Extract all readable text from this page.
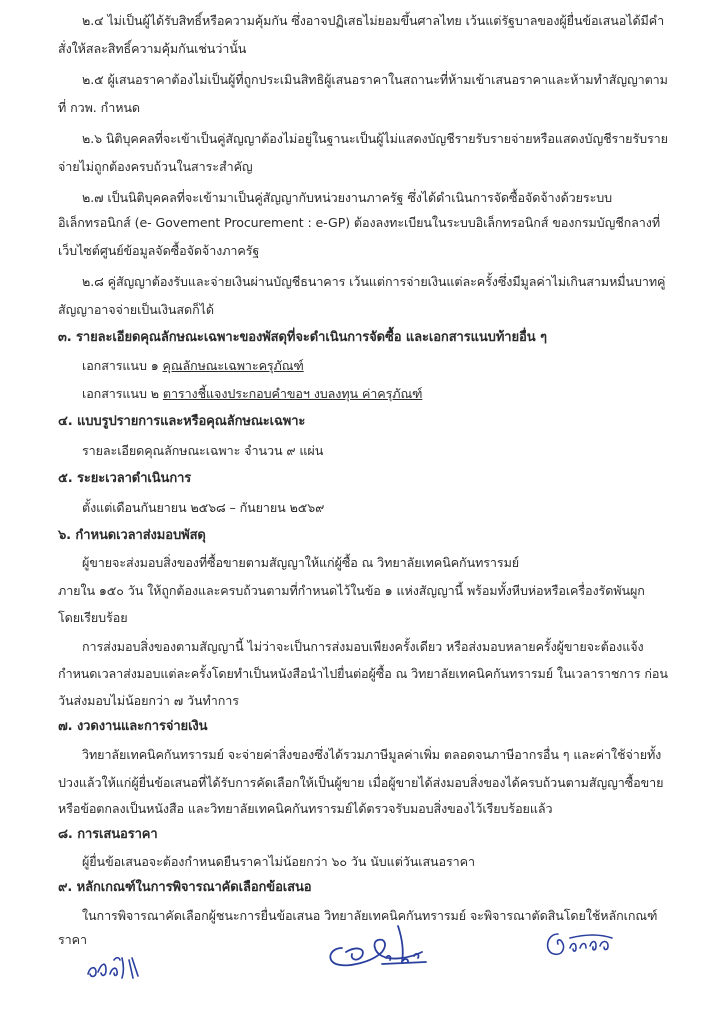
๒.๔ ไม่เป็นผู้ได้รับสิทธิ์หรือความคุ้มกัน ซึ่งอาจปฏิเสธไม่ยอมขึ้นศาลไทย เว้นแต่รัฐบาลของผู้ยื่นข้อเสนอได้มีคำ
สั่งให้สละสิทธิ์ความคุ้มกันเช่นว่านั้น
๒.๕ ผู้เสนอราคาต้องไม่เป็นผู้ที่ถูกประเมินสิทธิผู้เสนอราคาในสถานะที่ห้ามเข้าเสนอราคาและห้ามทำสัญญาตาม
ที่ กวพ. กำหนด
๒.๖ นิติบุคคลที่จะเข้าเป็นคู่สัญญาต้องไม่อยู่ในฐานะเป็นผู้ไม่แสดงบัญชีรายรับรายจ่ายหรือแสดงบัญชีรายรับราย
จ่ายไม่ถูกต้องครบถ้วนในสาระสำคัญ
๒.๗ เป็นนิติบุคคลที่จะเข้ามาเป็นคู่สัญญากับหน่วยงานภาครัฐ ซึ่งได้ดำเนินการจัดซื้อจัดจ้างด้วยระบบ
อิเล็กทรอนิกส์ (e- Govement Procurement : e-GP) ต้องลงทะเบียนในระบบอิเล็กทรอนิกส์ ของกรมบัญชีกลางที่
เว็บไซต์ศูนย์ข้อมูลจัดซื้อจัดจ้างภาครัฐ
๒.๘ คู่สัญญาต้องรับและจ่ายเงินผ่านบัญชีธนาคาร เว้นแต่การจ่ายเงินแต่ละครั้งซึ่งมีมูลค่าไม่เกินสามหมื่นบาทคู่
สัญญาอาจจ่ายเป็นเงินสดก็ได้
๓. รายละเอียดคุณลักษณะเฉพาะของพัสดุที่จะดำเนินการจัดซื้อ และเอกสารแนบท้ายอื่น ๆ
เอกสารแนบ ๑ คุณลักษณะเฉพาะครุภัณฑ์
เอกสารแนบ ๒ ตารางชี้แจงประกอบคำขอฯ งบลงทุน ค่าครุภัณฑ์
๔. แบบรูปรายการและหรือคุณลักษณะเฉพาะ
รายละเอียดคุณลักษณะเฉพาะ จำนวน ๙ แผ่น
๕. ระยะเวลาดำเนินการ
ตั้งแต่เดือนกันยายน ๒๕๖๘ – กันยายน ๒๕๖๙
๖. กำหนดเวลาส่งมอบพัสดุ
ผู้ขายจะส่งมอบสิ่งของที่ซื้อขายตามสัญญาให้แก่ผู้ซื้อ ณ วิทยาลัยเทคนิคกันทรารมย์
ภายใน ๑๕๐ วัน ให้ถูกต้องและครบถ้วนตามที่กำหนดไว้ในข้อ ๑ แห่งสัญญานี้ พร้อมทั้งหีบห่อหรือเครื่องรัดพันผูก
โดยเรียบร้อย
การส่งมอบสิ่งของตามสัญญานี้ ไม่ว่าจะเป็นการส่งมอบเพียงครั้งเดียว หรือส่งมอบหลายครั้งผู้ขายจะต้องแจ้ง
กำหนดเวลาส่งมอบแต่ละครั้งโดยทำเป็นหนังสือนำไปยื่นต่อผู้ซื้อ ณ วิทยาลัยเทคนิคกันทรารมย์ ในเวลาราชการ ก่อน
วันส่งมอบไม่น้อยกว่า ๗ วันทำการ
๗. งวดงานและการจ่ายเงิน
วิทยาลัยเทคนิคกันทรารมย์ จะจ่ายค่าสิ่งของซึ่งได้รวมภาษีมูลค่าเพิ่ม ตลอดจนภาษีอากรอื่น ๆ และค่าใช้จ่ายทั้ง
ปวงแล้วให้แก่ผู้ยื่นข้อเสนอที่ได้รับการคัดเลือกให้เป็นผู้ขาย เมื่อผู้ขายได้ส่งมอบสิ่งของได้ครบถ้วนตามสัญญาซื้อขาย
หรือข้อตกลงเป็นหนังสือ และวิทยาลัยเทคนิคกันทรารมย์ได้ตรวจรับมอบสิ่งของไว้เรียบร้อยแล้ว
๘. การเสนอราคา
ผู้ยื่นข้อเสนอจะต้องกำหนดยืนราคาไม่น้อยกว่า ๖๐ วัน นับแต่วันเสนอราคา
๙. หลักเกณฑ์ในการพิจารณาคัดเลือกข้อเสนอ
ในการพิจารณาคัดเลือกผู้ชนะการยื่นข้อเสนอ วิทยาลัยเทคนิคกันทรารมย์ จะพิจารณาตัดสินโดยใช้หลักเกณฑ์
ราคา
